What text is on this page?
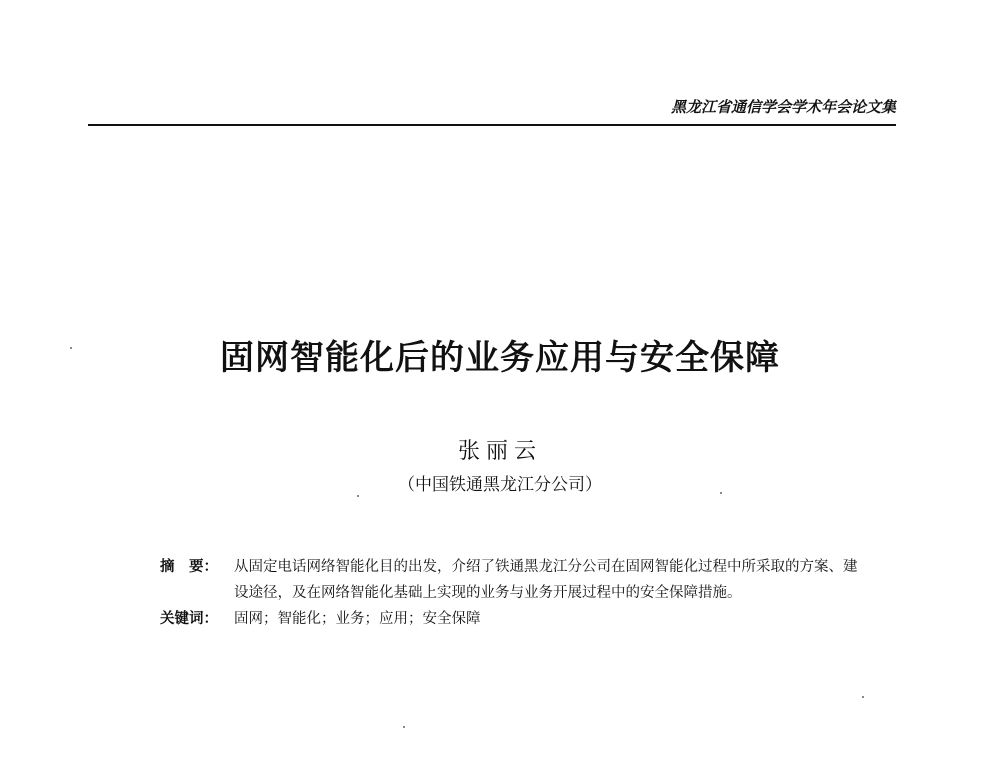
黑龙江省通信学会学术年会论文集
固网智能化后的业务应用与安全保障
张丽云
（中国铁通黑龙江分公司）
摘　要：	从固定电话网络智能化目的出发，介绍了铁通黑龙江分公司在固网智能化过程中所采取的方案、建设途径，及在网络智能化基础上实现的业务与业务开展过程中的安全保障措施。
关键词：	固网；智能化；业务；应用；安全保障
